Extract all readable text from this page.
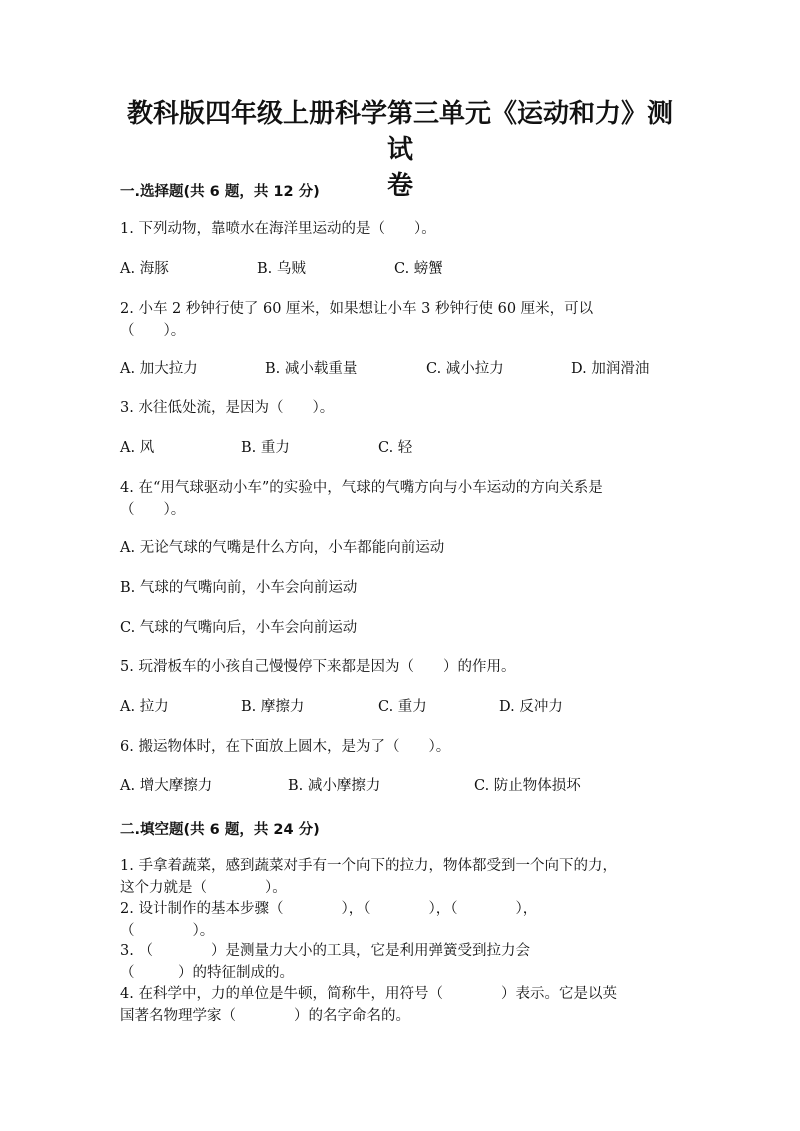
教科版四年级上册科学第三单元《运动和力》测试
卷
一.选择题(共 6 题，共 12 分)
1. 下列动物，靠喷水在海洋里运动的是（　　）。
A. 海豚	B. 乌贼	C. 螃蟹
2. 小车 2 秒钟行使了 60 厘米，如果想让小车 3 秒钟行使 60 厘米，可以
（　　）。
A. 加大拉力	B. 减小载重量	C. 减小拉力	D. 加润滑油
3. 水往低处流，是因为（　　）。
A. 风	B. 重力	C. 轻
4. 在“用气球驱动小车”的实验中，气球的气嘴方向与小车运动的方向关系是
（　　）。
A. 无论气球的气嘴是什么方向，小车都能向前运动
B. 气球的气嘴向前，小车会向前运动
C. 气球的气嘴向后，小车会向前运动
5. 玩滑板车的小孩自己慢慢停下来都是因为（　　）的作用。
A. 拉力	B. 摩擦力	C. 重力	D. 反冲力
6. 搬运物体时，在下面放上圆木，是为了（　　）。
A. 增大摩擦力	B. 减小摩擦力	C. 防止物体损坏
二.填空题(共 6 题，共 24 分)
1. 手拿着蔬菜，感到蔬菜对手有一个向下的拉力，物体都受到一个向下的力，
这个力就是（　　　　）。
2. 设计制作的基本步骤（　　　　），（　　　　），（　　　　），
（　　　　）。
3. （　　　　）是测量力大小的工具，它是利用弹簧受到拉力会
（　　　）的特征制成的。
4. 在科学中，力的单位是牛顿，简称牛，用符号（　　　　）表示。它是以英
国著名物理学家（　　　　）的名字命名的。
